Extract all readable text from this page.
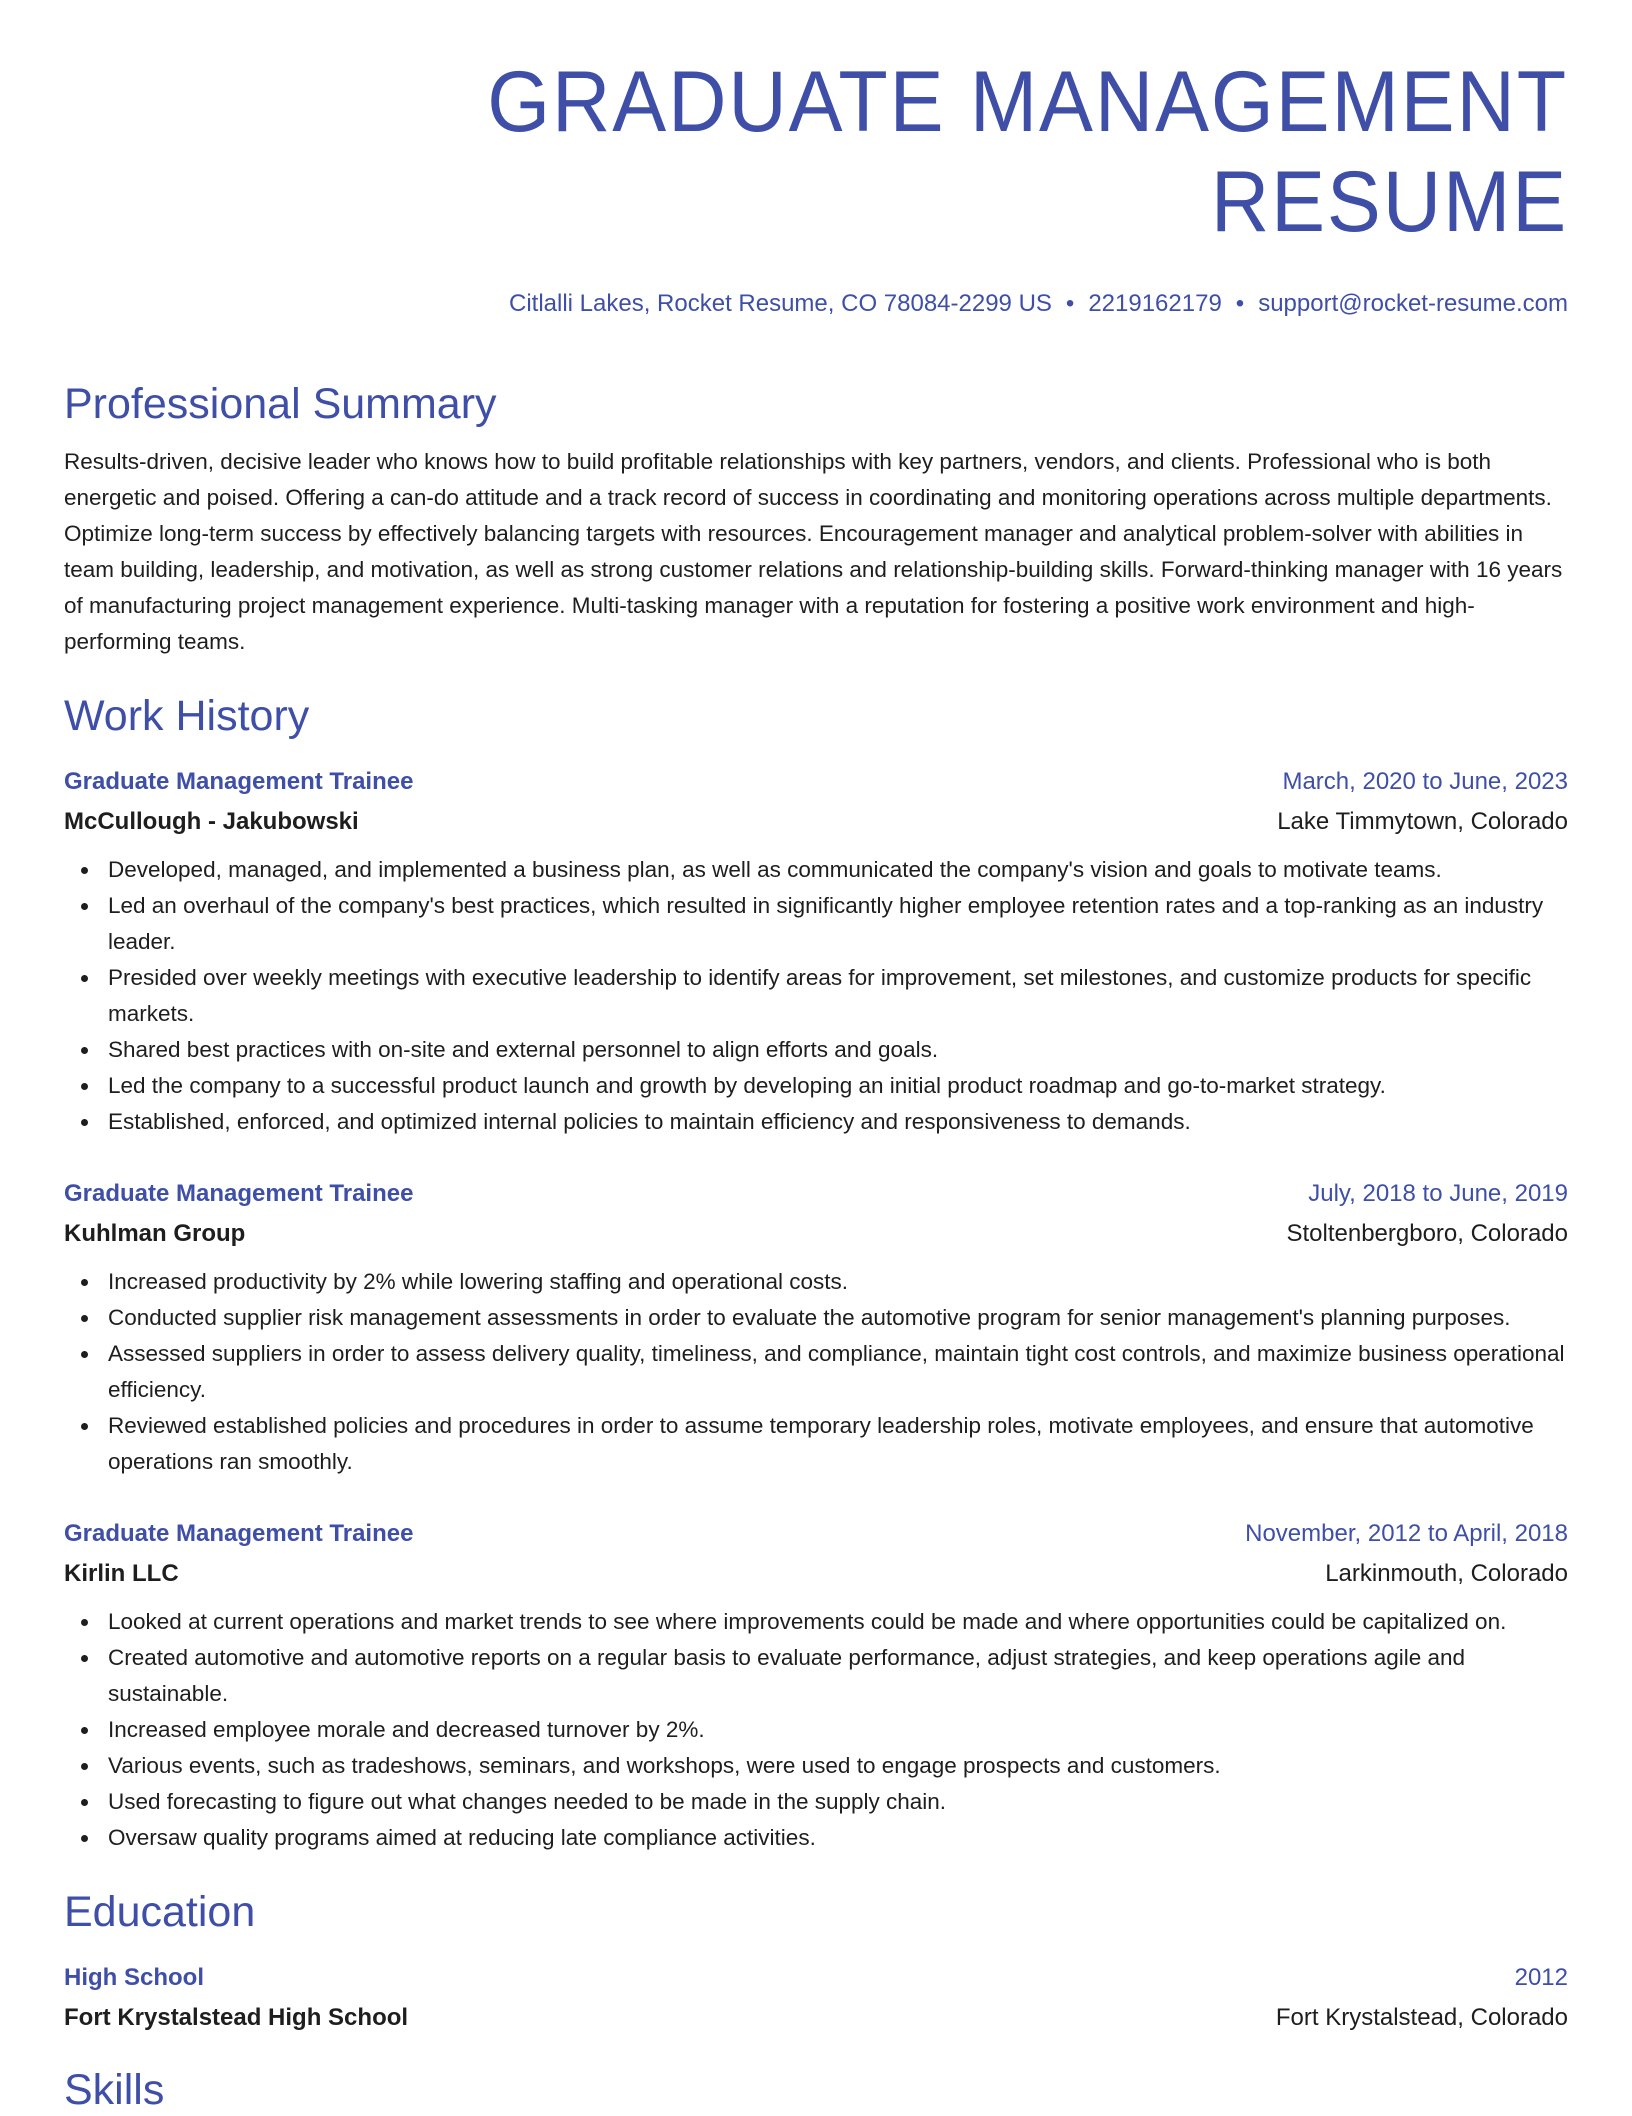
GRADUATE MANAGEMENT RESUME
Citlalli Lakes, Rocket Resume, CO 78084-2299 US • 2219162179 • support@rocket-resume.com
Professional Summary
Results-driven, decisive leader who knows how to build profitable relationships with key partners, vendors, and clients. Professional who is both energetic and poised. Offering a can-do attitude and a track record of success in coordinating and monitoring operations across multiple departments. Optimize long-term success by effectively balancing targets with resources. Encouragement manager and analytical problem-solver with abilities in team building, leadership, and motivation, as well as strong customer relations and relationship-building skills. Forward-thinking manager with 16 years of manufacturing project management experience. Multi-tasking manager with a reputation for fostering a positive work environment and high-performing teams.
Work History
Graduate Management Trainee	March, 2020 to June, 2023
McCullough - Jakubowski	Lake Timmytown, Colorado
Developed, managed, and implemented a business plan, as well as communicated the company's vision and goals to motivate teams.
Led an overhaul of the company's best practices, which resulted in significantly higher employee retention rates and a top-ranking as an industry leader.
Presided over weekly meetings with executive leadership to identify areas for improvement, set milestones, and customize products for specific markets.
Shared best practices with on-site and external personnel to align efforts and goals.
Led the company to a successful product launch and growth by developing an initial product roadmap and go-to-market strategy.
Established, enforced, and optimized internal policies to maintain efficiency and responsiveness to demands.
Graduate Management Trainee	July, 2018 to June, 2019
Kuhlman Group	Stoltenbergboro, Colorado
Increased productivity by 2% while lowering staffing and operational costs.
Conducted supplier risk management assessments in order to evaluate the automotive program for senior management's planning purposes.
Assessed suppliers in order to assess delivery quality, timeliness, and compliance, maintain tight cost controls, and maximize business operational efficiency.
Reviewed established policies and procedures in order to assume temporary leadership roles, motivate employees, and ensure that automotive operations ran smoothly.
Graduate Management Trainee	November, 2012 to April, 2018
Kirlin LLC	Larkinmouth, Colorado
Looked at current operations and market trends to see where improvements could be made and where opportunities could be capitalized on.
Created automotive and automotive reports on a regular basis to evaluate performance, adjust strategies, and keep operations agile and sustainable.
Increased employee morale and decreased turnover by 2%.
Various events, such as tradeshows, seminars, and workshops, were used to engage prospects and customers.
Used forecasting to figure out what changes needed to be made in the supply chain.
Oversaw quality programs aimed at reducing late compliance activities.
Education
High School	2012
Fort Krystalstead High School	Fort Krystalstead, Colorado
Skills
